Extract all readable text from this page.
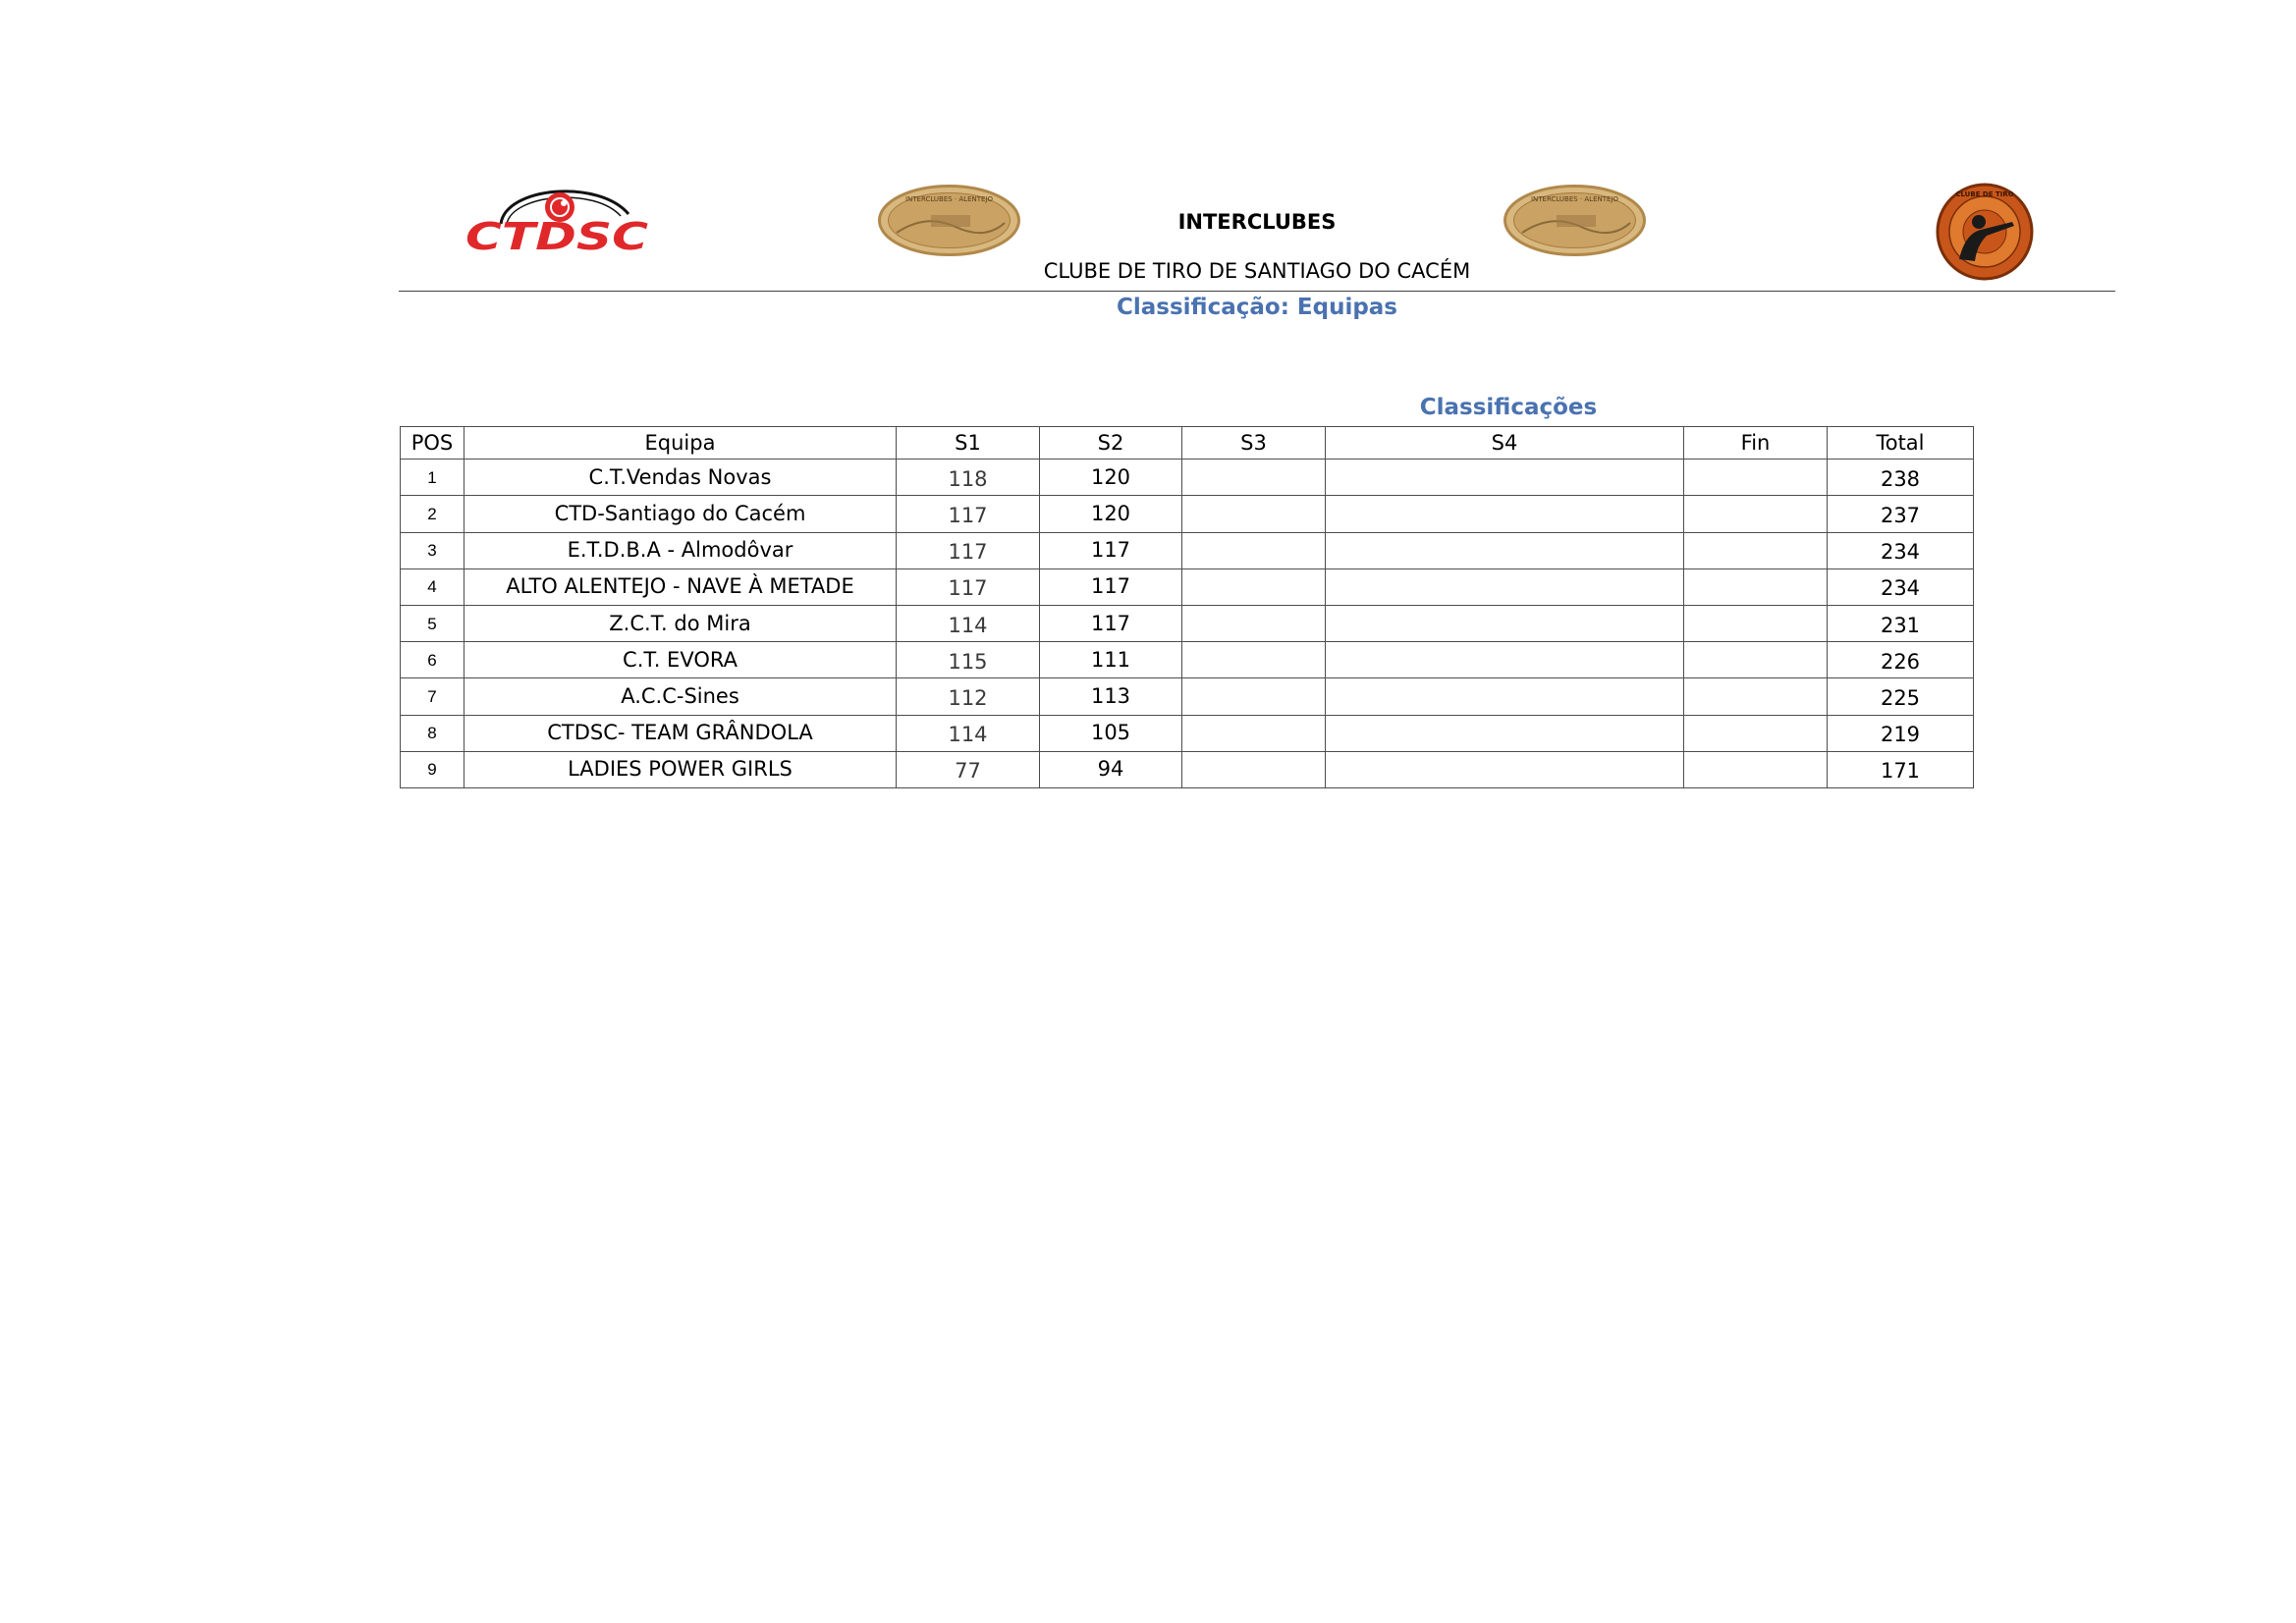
CTDSC
INTERCLUBES · ALENTEJO	INTERCLUBES · ALENTEJO
CLUBE DE TIRO
INTERCLUBES
CLUBE DE TIRO DE SANTIAGO DO CACÉM
Classificação: Equipas
Classificações
POS	Equipa	S1	S2	S3	S4	Fin	Total
1	C.T.Vendas Novas	118	120				238
2	CTD-Santiago do Cacém	117	120				237
3	E.T.D.B.A - Almodôvar	117	117				234
4	ALTO ALENTEJO - NAVE À METADE	117	117				234
5	Z.C.T. do Mira	114	117				231
6	C.T. EVORA	115	111				226
7	A.C.C-Sines	112	113				225
8	CTDSC- TEAM GRÂNDOLA	114	105				219
9	LADIES POWER GIRLS	77	94				171
